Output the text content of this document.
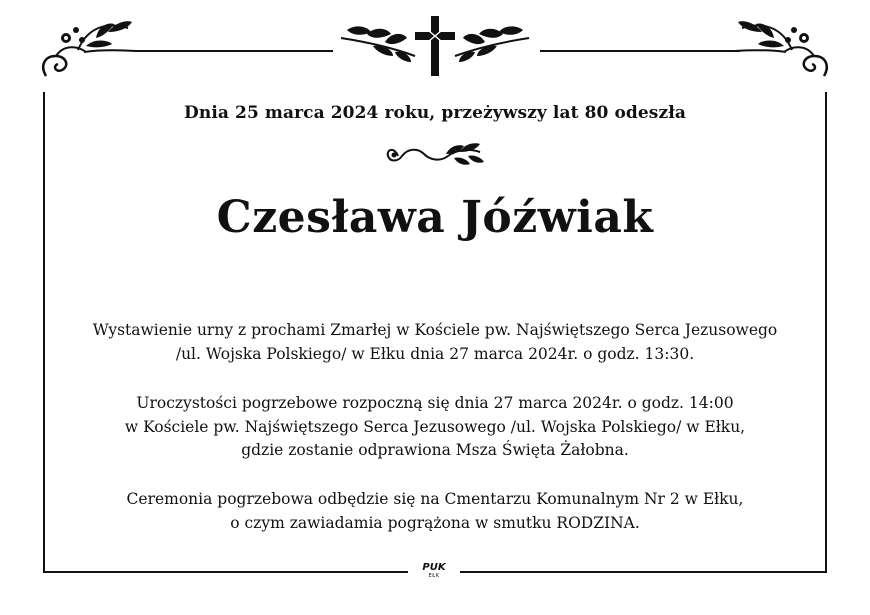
Dnia 25 marca 2024 roku, przeżywszy lat 80 odeszła
Czesława Jóźwiak
Wystawienie urny z prochami Zmarłej w Kościele pw. Najświętszego Serca Jezusowego
/ul. Wojska Polskiego/ w Ełku dnia 27 marca 2024r. o godz. 13:30.
Uroczystości pogrzebowe rozpoczną się dnia 27 marca 2024r. o godz. 14:00
w Kościele pw. Najświętszego Serca Jezusowego /ul. Wojska Polskiego/ w Ełku,
gdzie zostanie odprawiona Msza Święta Żałobna.
Ceremonia pogrzebowa odbędzie się na Cmentarzu Komunalnym Nr 2 w Ełku,
o czym zawiadamia pogrążona w smutku RODZINA.
PUK
EŁK
